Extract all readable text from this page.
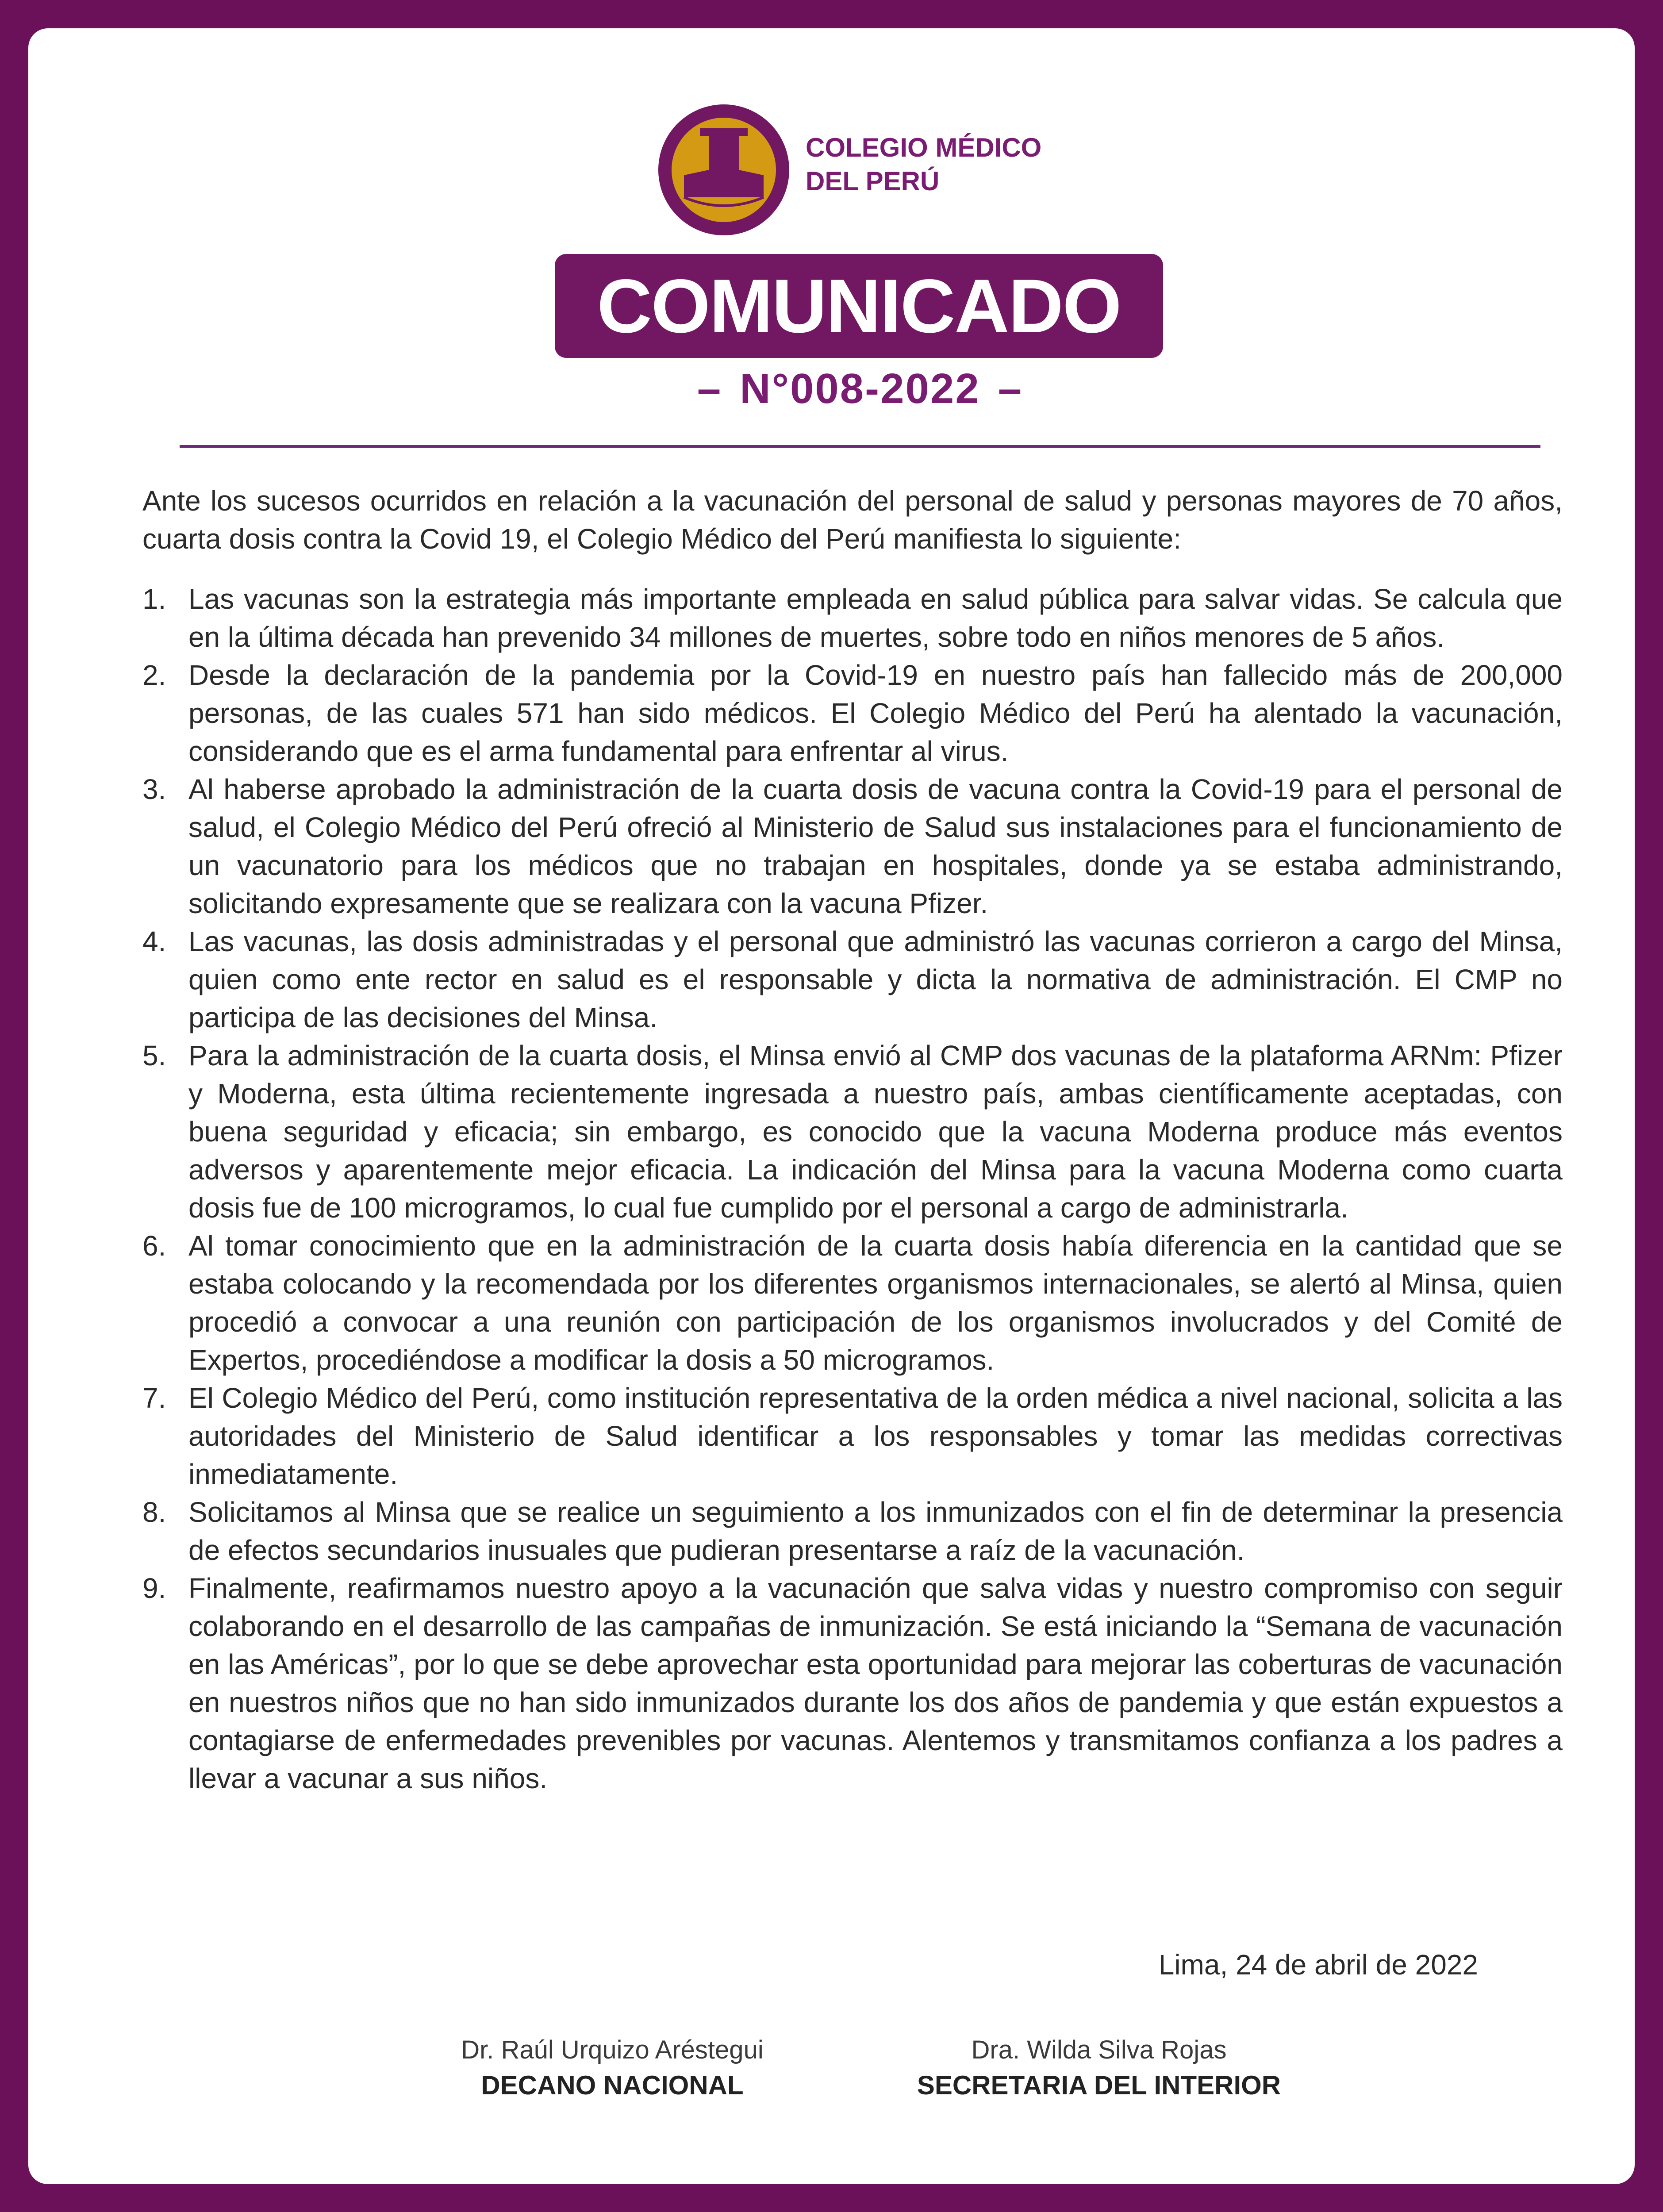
COLEGIO MÉDICO
DEL PERÚ
COMUNICADO
– N°008-2022 –

Ante los sucesos ocurridos en relación a la vacunación del personal de salud y personas mayores de 70 años, cuarta dosis contra la Covid 19, el Colegio Médico del Perú manifiesta lo siguiente:

1. Las vacunas son la estrategia más importante empleada en salud pública para salvar vidas. Se calcula que en la última década han prevenido 34 millones de muertes, sobre todo en niños menores de 5 años.
2. Desde la declaración de la pandemia por la Covid-19 en nuestro país han fallecido más de 200,000 personas, de las cuales 571 han sido médicos. El Colegio Médico del Perú ha alentado la vacunación, considerando que es el arma fundamental para enfrentar al virus.
3. Al haberse aprobado la administración de la cuarta dosis de vacuna contra la Covid-19 para el personal de salud, el Colegio Médico del Perú ofreció al Ministerio de Salud sus instalaciones para el funcionamiento de un vacunatorio para los médicos que no trabajan en hospitales, donde ya se estaba administrando, solicitando expresamente que se realizara con la vacuna Pfizer.
4. Las vacunas, las dosis administradas y el personal que administró las vacunas corrieron a cargo del Minsa, quien como ente rector en salud es el responsable y dicta la normativa de administración. El CMP no participa de las decisiones del Minsa.
5. Para la administración de la cuarta dosis, el Minsa envió al CMP dos vacunas de la plataforma ARNm: Pfizer y Moderna, esta última recientemente ingresada a nuestro país, ambas científicamente aceptadas, con buena seguridad y eficacia; sin embargo, es conocido que la vacuna Moderna produce más eventos adversos y aparentemente mejor eficacia. La indicación del Minsa para la vacuna Moderna como cuarta dosis fue de 100 microgramos, lo cual fue cumplido por el personal a cargo de administrarla.
6. Al tomar conocimiento que en la administración de la cuarta dosis había diferencia en la cantidad que se estaba colocando y la recomendada por los diferentes organismos internacionales, se alertó al Minsa, quien procedió a convocar a una reunión con participación de los organismos involucrados y del Comité de Expertos, procediéndose a modificar la dosis a 50 microgramos.
7. El Colegio Médico del Perú, como institución representativa de la orden médica a nivel nacional, solicita a las autoridades del Ministerio de Salud identificar a los responsables y tomar las medidas correctivas inmediatamente.
8. Solicitamos al Minsa que se realice un seguimiento a los inmunizados con el fin de determinar la presencia de efectos secundarios inusuales que pudieran presentarse a raíz de la vacunación.
9. Finalmente, reafirmamos nuestro apoyo a la vacunación que salva vidas y nuestro compromiso con seguir colaborando en el desarrollo de las campañas de inmunización. Se está iniciando la “Semana de vacunación en las Américas”, por lo que se debe aprovechar esta oportunidad para mejorar las coberturas de vacunación en nuestros niños que no han sido inmunizados durante los dos años de pandemia y que están expuestos a contagiarse de enfermedades prevenibles por vacunas. Alentemos y transmitamos confianza a los padres a llevar a vacunar a sus niños.
Lima, 24 de abril de 2022
Dr. Raúl Urquizo Aréstegui
DECANO NACIONAL
Dra. Wilda Silva Rojas
SECRETARIA DEL INTERIOR
